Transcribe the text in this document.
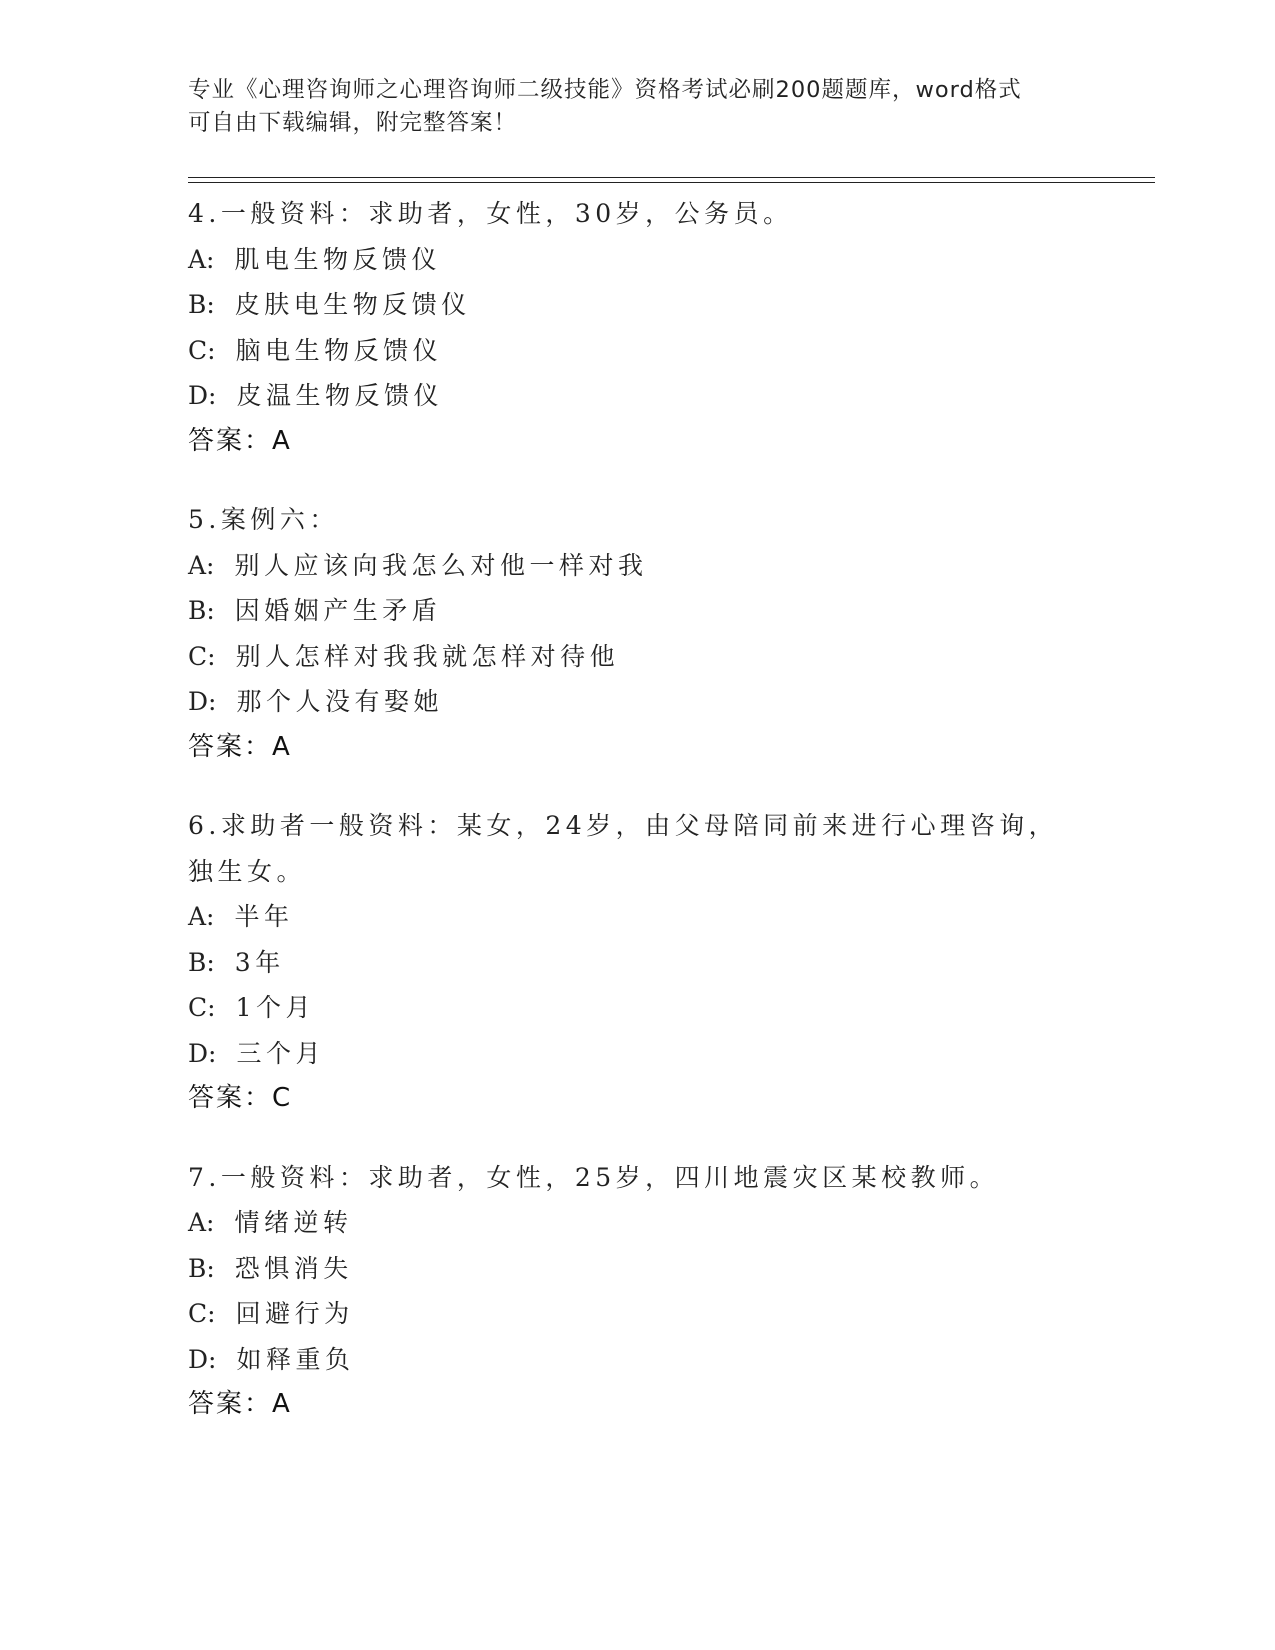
专业《心理咨询师之心理咨询师二级技能》资格考试必刷200题题库，word格式
可自由下载编辑，附完整答案！
4.一般资料：求助者，女性，30岁，公务员。
A: 肌电生物反馈仪
B: 皮肤电生物反馈仪
C: 脑电生物反馈仪
D: 皮温生物反馈仪
答案：A
5.案例六：
A: 别人应该向我怎么对他一样对我
B: 因婚姻产生矛盾
C: 别人怎样对我我就怎样对待他
D: 那个人没有娶她
答案：A
6.求助者一般资料：某女，24岁，由父母陪同前来进行心理咨询，独生女。
A: 半年
B: 3年
C: 1个月
D: 三个月
答案：C
7.一般资料：求助者，女性，25岁，四川地震灾区某校教师。
A: 情绪逆转
B: 恐惧消失
C: 回避行为
D: 如释重负
答案：A
